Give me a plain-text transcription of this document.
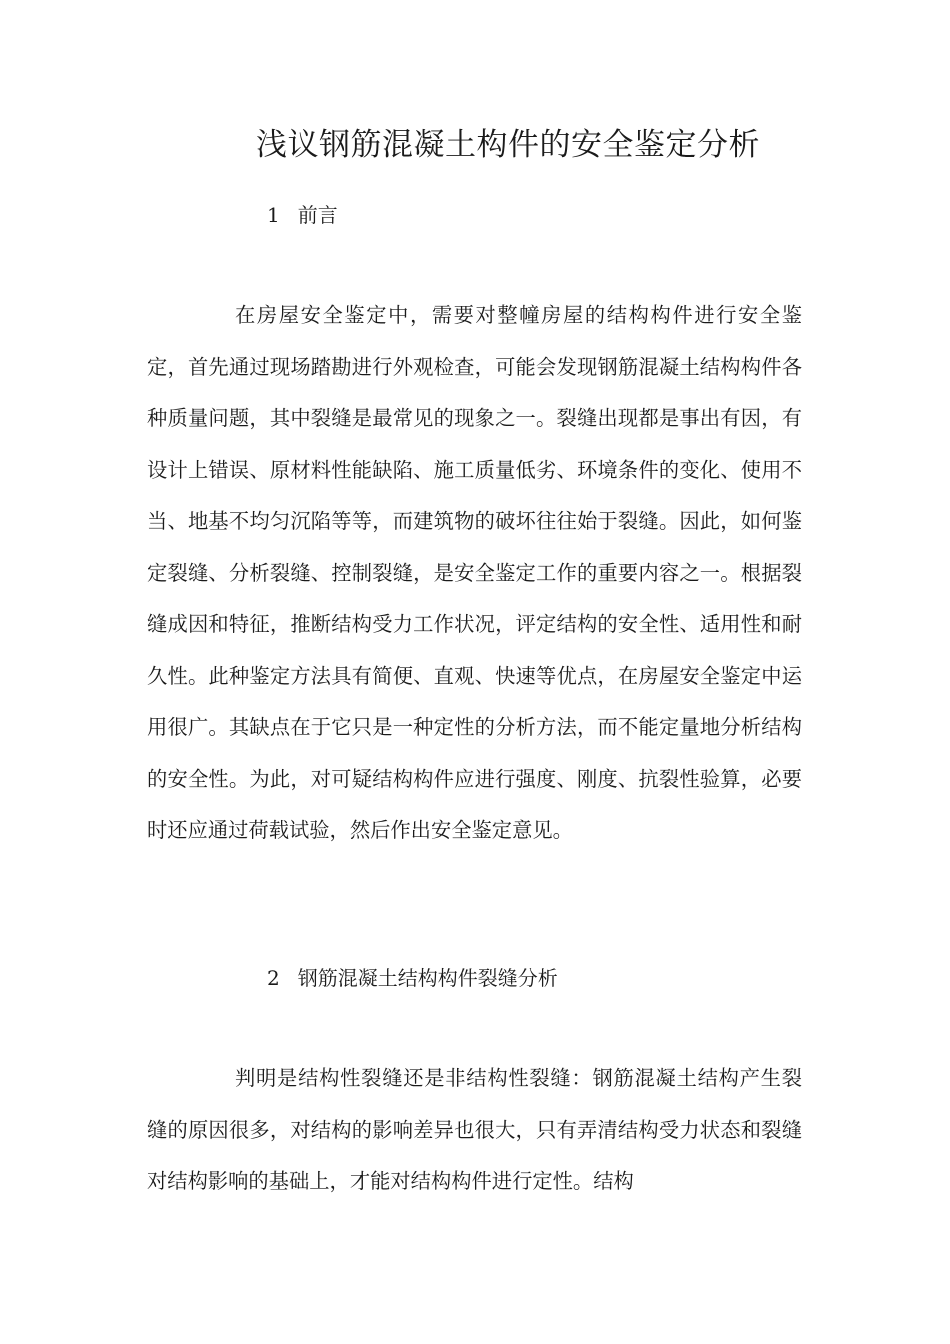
浅议钢筋混凝土构件的安全鉴定分析
1 前言

在房屋安全鉴定中，需要对整幢房屋的结构构件进行安全鉴定，首先通过现场踏勘进行外观检查，可能会发现钢筋混凝土结构构件各种质量问题，其中裂缝是最常见的现象之一。裂缝出现都是事出有因，有设计上错误、原材料性能缺陷、施工质量低劣、环境条件的变化、使用不当、地基不均匀沉陷等等，而建筑物的破坏往往始于裂缝。因此，如何鉴定裂缝、分析裂缝、控制裂缝，是安全鉴定工作的重要内容之一。根据裂缝成因和特征，推断结构受力工作状况，评定结构的安全性、适用性和耐久性。此种鉴定方法具有简便、直观、快速等优点，在房屋安全鉴定中运用很广。其缺点在于它只是一种定性的分析方法，而不能定量地分析结构的安全性。为此，对可疑结构构件应进行强度、刚度、抗裂性验算，必要时还应通过荷载试验，然后作出安全鉴定意见。

2 钢筋混凝土结构构件裂缝分析

判明是结构性裂缝还是非结构性裂缝：钢筋混凝土结构产生裂缝的原因很多，对结构的影响差异也很大，只有弄清结构受力状态和裂缝对结构影响的基础上，才能对结构构件进行定性。结构
